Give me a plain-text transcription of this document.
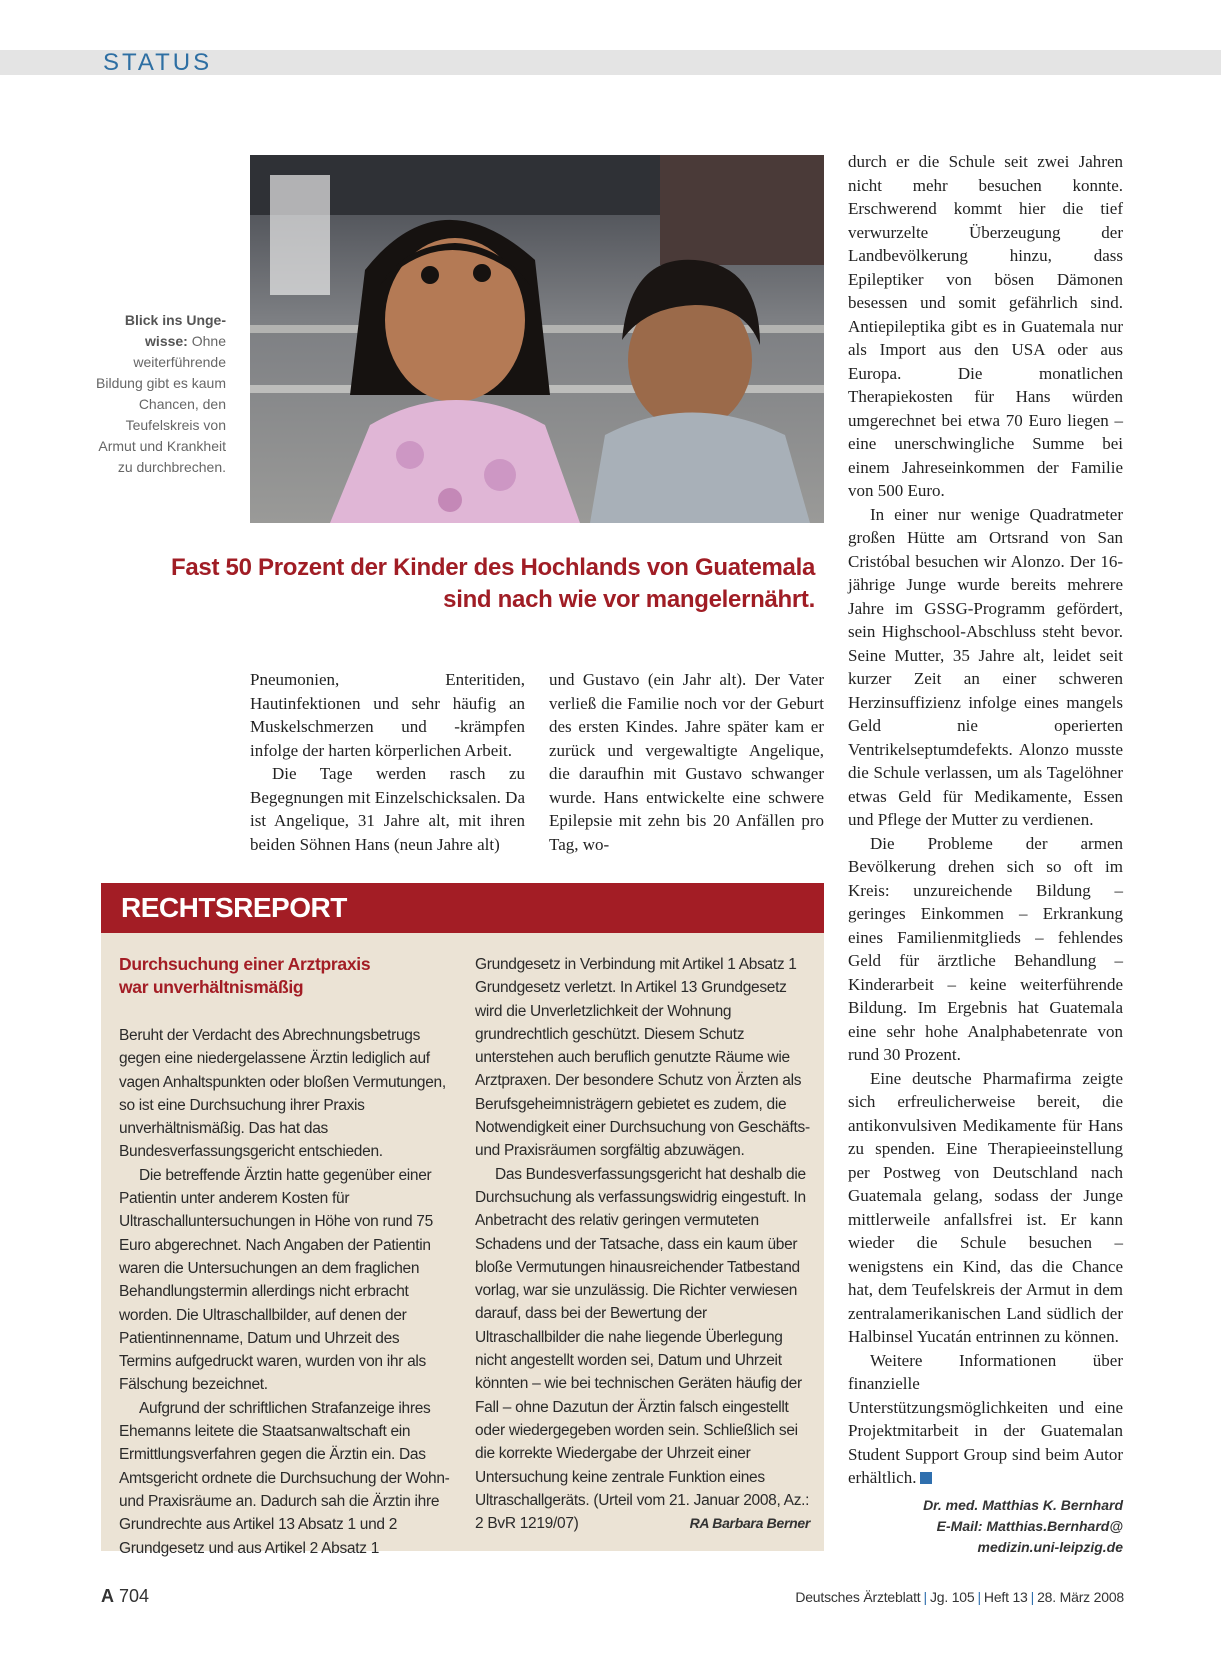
STATUS
Blick ins Unge-wisse: Ohne weiterführende Bildung gibt es kaum Chancen, den Teufelskreis von Armut und Krankheit zu durchbrechen.
Fast 50 Prozent der Kinder des Hochlands von Guatemala
sind nach wie vor mangelernährt.

Pneumonien, Enteritiden, Hautinfektionen und sehr häufig an Muskelschmerzen und -krämpfen infolge der harten körperlichen Arbeit.

Die Tage werden rasch zu Begegnungen mit Einzelschicksalen. Da ist Angelique, 31 Jahre alt, mit ihren beiden Söhnen Hans (neun Jahre alt)

und Gustavo (ein Jahr alt). Der Vater verließ die Familie noch vor der Geburt des ersten Kindes. Jahre später kam er zurück und vergewaltigte Angelique, die daraufhin mit Gustavo schwanger wurde. Hans entwickelte eine schwere Epilepsie mit zehn bis 20 Anfällen pro Tag, wo-

durch er die Schule seit zwei Jahren nicht mehr besuchen konnte. Erschwerend kommt hier die tief verwurzelte Überzeugung der Landbevölkerung hinzu, dass Epileptiker von bösen Dämonen besessen und somit gefährlich sind. Antiepileptika gibt es in Guatemala nur als Import aus den USA oder aus Europa. Die monatlichen Therapiekosten für Hans würden umgerechnet bei etwa 70 Euro liegen – eine unerschwingliche Summe bei einem Jahreseinkommen der Familie von 500 Euro.

In einer nur wenige Quadratmeter großen Hütte am Ortsrand von San Cristóbal besuchen wir Alonzo. Der 16-jährige Junge wurde bereits mehrere Jahre im GSSG-Programm gefördert, sein Highschool-Abschluss steht bevor. Seine Mutter, 35 Jahre alt, leidet seit kurzer Zeit an einer schweren Herzinsuffizienz infolge eines mangels Geld nie operierten Ventrikelseptumdefekts. Alonzo musste die Schule verlassen, um als Tagelöhner etwas Geld für Medikamente, Essen und Pflege der Mutter zu verdienen.

Die Probleme der armen Bevölkerung drehen sich so oft im Kreis: unzureichende Bildung – geringes Einkommen – Erkrankung eines Familienmitglieds – fehlendes Geld für ärztliche Behandlung – Kinderarbeit – keine weiterführende Bildung. Im Ergebnis hat Guatemala eine sehr hohe Analphabetenrate von rund 30 Prozent.

Eine deutsche Pharmafirma zeigte sich erfreulicherweise bereit, die antikonvulsiven Medikamente für Hans zu spenden. Eine Therapieeinstellung per Postweg von Deutschland nach Guatemala gelang, sodass der Junge mittlerweile anfallsfrei ist. Er kann wieder die Schule besuchen – wenigstens ein Kind, das die Chance hat, dem Teufelskreis der Armut in dem zentralamerikanischen Land südlich der Halbinsel Yucatán entrinnen zu können.

Weitere Informationen über finanzielle Unterstützungsmöglichkeiten und eine Projektmitarbeit in der Guatemalan Student Support Group sind beim Autor erhältlich.

Dr. med. Matthias K. Bernhard
E-Mail: Matthias.Bernhard@
medizin.uni-leipzig.de
RECHTSREPORT
Durchsuchung einer Arztpraxis
war unverhältnismäßig

Beruht der Verdacht des Abrechnungsbetrugs gegen eine niedergelassene Ärztin lediglich auf vagen Anhaltspunkten oder bloßen Vermutungen, so ist eine Durchsuchung ihrer Praxis unverhältnismäßig. Das hat das Bundesverfassungsgericht entschieden.

Die betreffende Ärztin hatte gegenüber einer Patientin unter anderem Kosten für Ultraschalluntersuchungen in Höhe von rund 75 Euro abgerechnet. Nach Angaben der Patientin waren die Untersuchungen an dem fraglichen Behandlungstermin allerdings nicht erbracht worden. Die Ultraschallbilder, auf denen der Patientinnenname, Datum und Uhrzeit des Termins aufgedruckt waren, wurden von ihr als Fälschung bezeichnet.

Aufgrund der schriftlichen Strafanzeige ihres Ehemanns leitete die Staatsanwaltschaft ein Ermittlungsverfahren gegen die Ärztin ein. Das Amtsgericht ordnete die Durchsuchung der Wohn- und Praxisräume an. Dadurch sah die Ärztin ihre Grundrechte aus Artikel 13 Absatz 1 und 2 Grundgesetz und aus Artikel 2 Absatz 1

Grundgesetz in Verbindung mit Artikel 1 Absatz 1 Grundgesetz verletzt. In Artikel 13 Grundgesetz wird die Unverletzlichkeit der Wohnung grundrechtlich geschützt. Diesem Schutz unterstehen auch beruflich genutzte Räume wie Arztpraxen. Der besondere Schutz von Ärzten als Berufsgeheimnisträgern gebietet es zudem, die Notwendigkeit einer Durchsuchung von Geschäfts- und Praxisräumen sorgfältig abzuwägen.

Das Bundesverfassungsgericht hat deshalb die Durchsuchung als verfassungswidrig eingestuft. In Anbetracht des relativ geringen vermuteten Schadens und der Tatsache, dass ein kaum über bloße Vermutungen hinausreichender Tatbestand vorlag, war sie unzulässig. Die Richter verwiesen darauf, dass bei der Bewertung der Ultraschallbilder die nahe liegende Überlegung nicht angestellt worden sei, Datum und Uhrzeit könnten – wie bei technischen Geräten häufig der Fall – ohne Dazutun der Ärztin falsch eingestellt oder wiedergegeben worden sein. Schließlich sei die korrekte Wiedergabe der Uhrzeit einer Untersuchung keine zentrale Funktion eines Ultraschallgeräts. (Urteil vom 21. Januar 2008, Az.: 2 BvR 1219/07)	RA Barbara Berner

A 704	Deutsches Ärzteblatt | Jg. 105 | Heft 13 | 28. März 2008
